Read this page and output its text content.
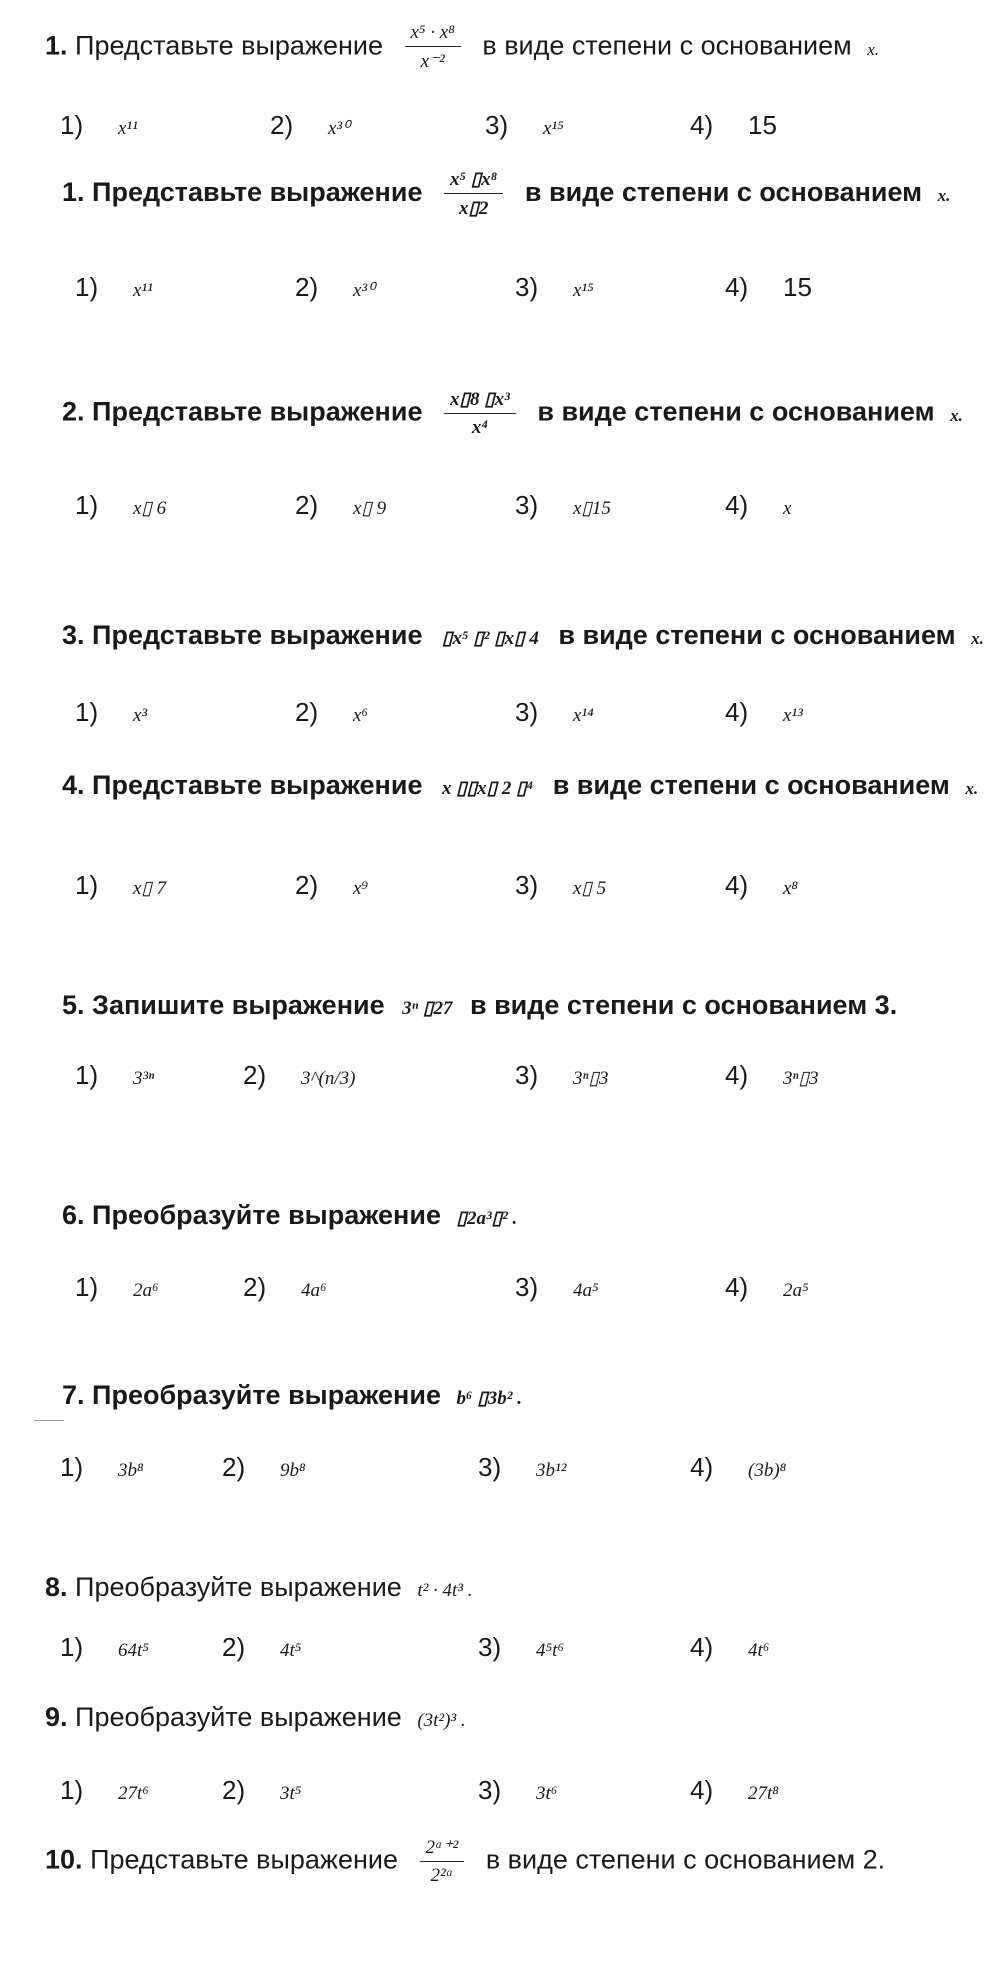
1. Представьте выражение $\frac{\text{x⁵ · x⁸}}{\text{x⁻²}}$ в виде степени с основанием x.
1) x¹¹	2) x³⁰	3) x¹⁵	4) 15
1. Представьте выражение $\frac{\text{x⁵ ▯x⁸}}{x▯2}$ в виде степени с основанием x.
1) x¹¹	2) x³⁰	3) x¹⁵	4) 15
2. Представьте выражение $\frac{\text{x▯8 ▯x³}}{\text{x⁴}}$ в виде степени с основанием x.
1) x▯ 6	2) x▯ 9	3) x▯15	4) x
3. Представьте выражение ▯x⁵ ▯² ▯x▯ 4 в виде степени с основанием x.
1) x³	2) x⁶	3) x¹⁴	4) x¹³
4. Представьте выражение x ▯▯x▯ 2 ▯⁴ в виде степени с основанием x.
1) x▯ 7	2) x⁹	3) x▯ 5	4) x⁸
5. Запишите выражение 3ⁿ ▯27 в виде степени с основанием 3.
1) 3³ⁿ	2) 3^(n/3)	3) 3ⁿ▯3	4) 3ⁿ▯3
6. Преобразуйте выражение ▯2a³▯² .
1) 2a⁶	2) 4a⁶	3) 4a⁵	4) 2a⁵
7. Преобразуйте выражение b⁶ ▯3b² .
1) 3b⁸	2) 9b⁸	3) 3b¹²	4) (3b)⁸
8. Преобразуйте выражение t² · 4t³ .
1) 64t⁵	2) 4t⁵	3) 4⁵t⁶	4) 4t⁶
9. Преобразуйте выражение (3t²)³ .
1) 27t⁶	2) 3t⁵	3) 3t⁶	4) 27t⁸
10. Представьте выражение $\frac{\text{2ᵃ⁺²}}{\text{2²ᵃ}}$ в виде степени с основанием 2.
